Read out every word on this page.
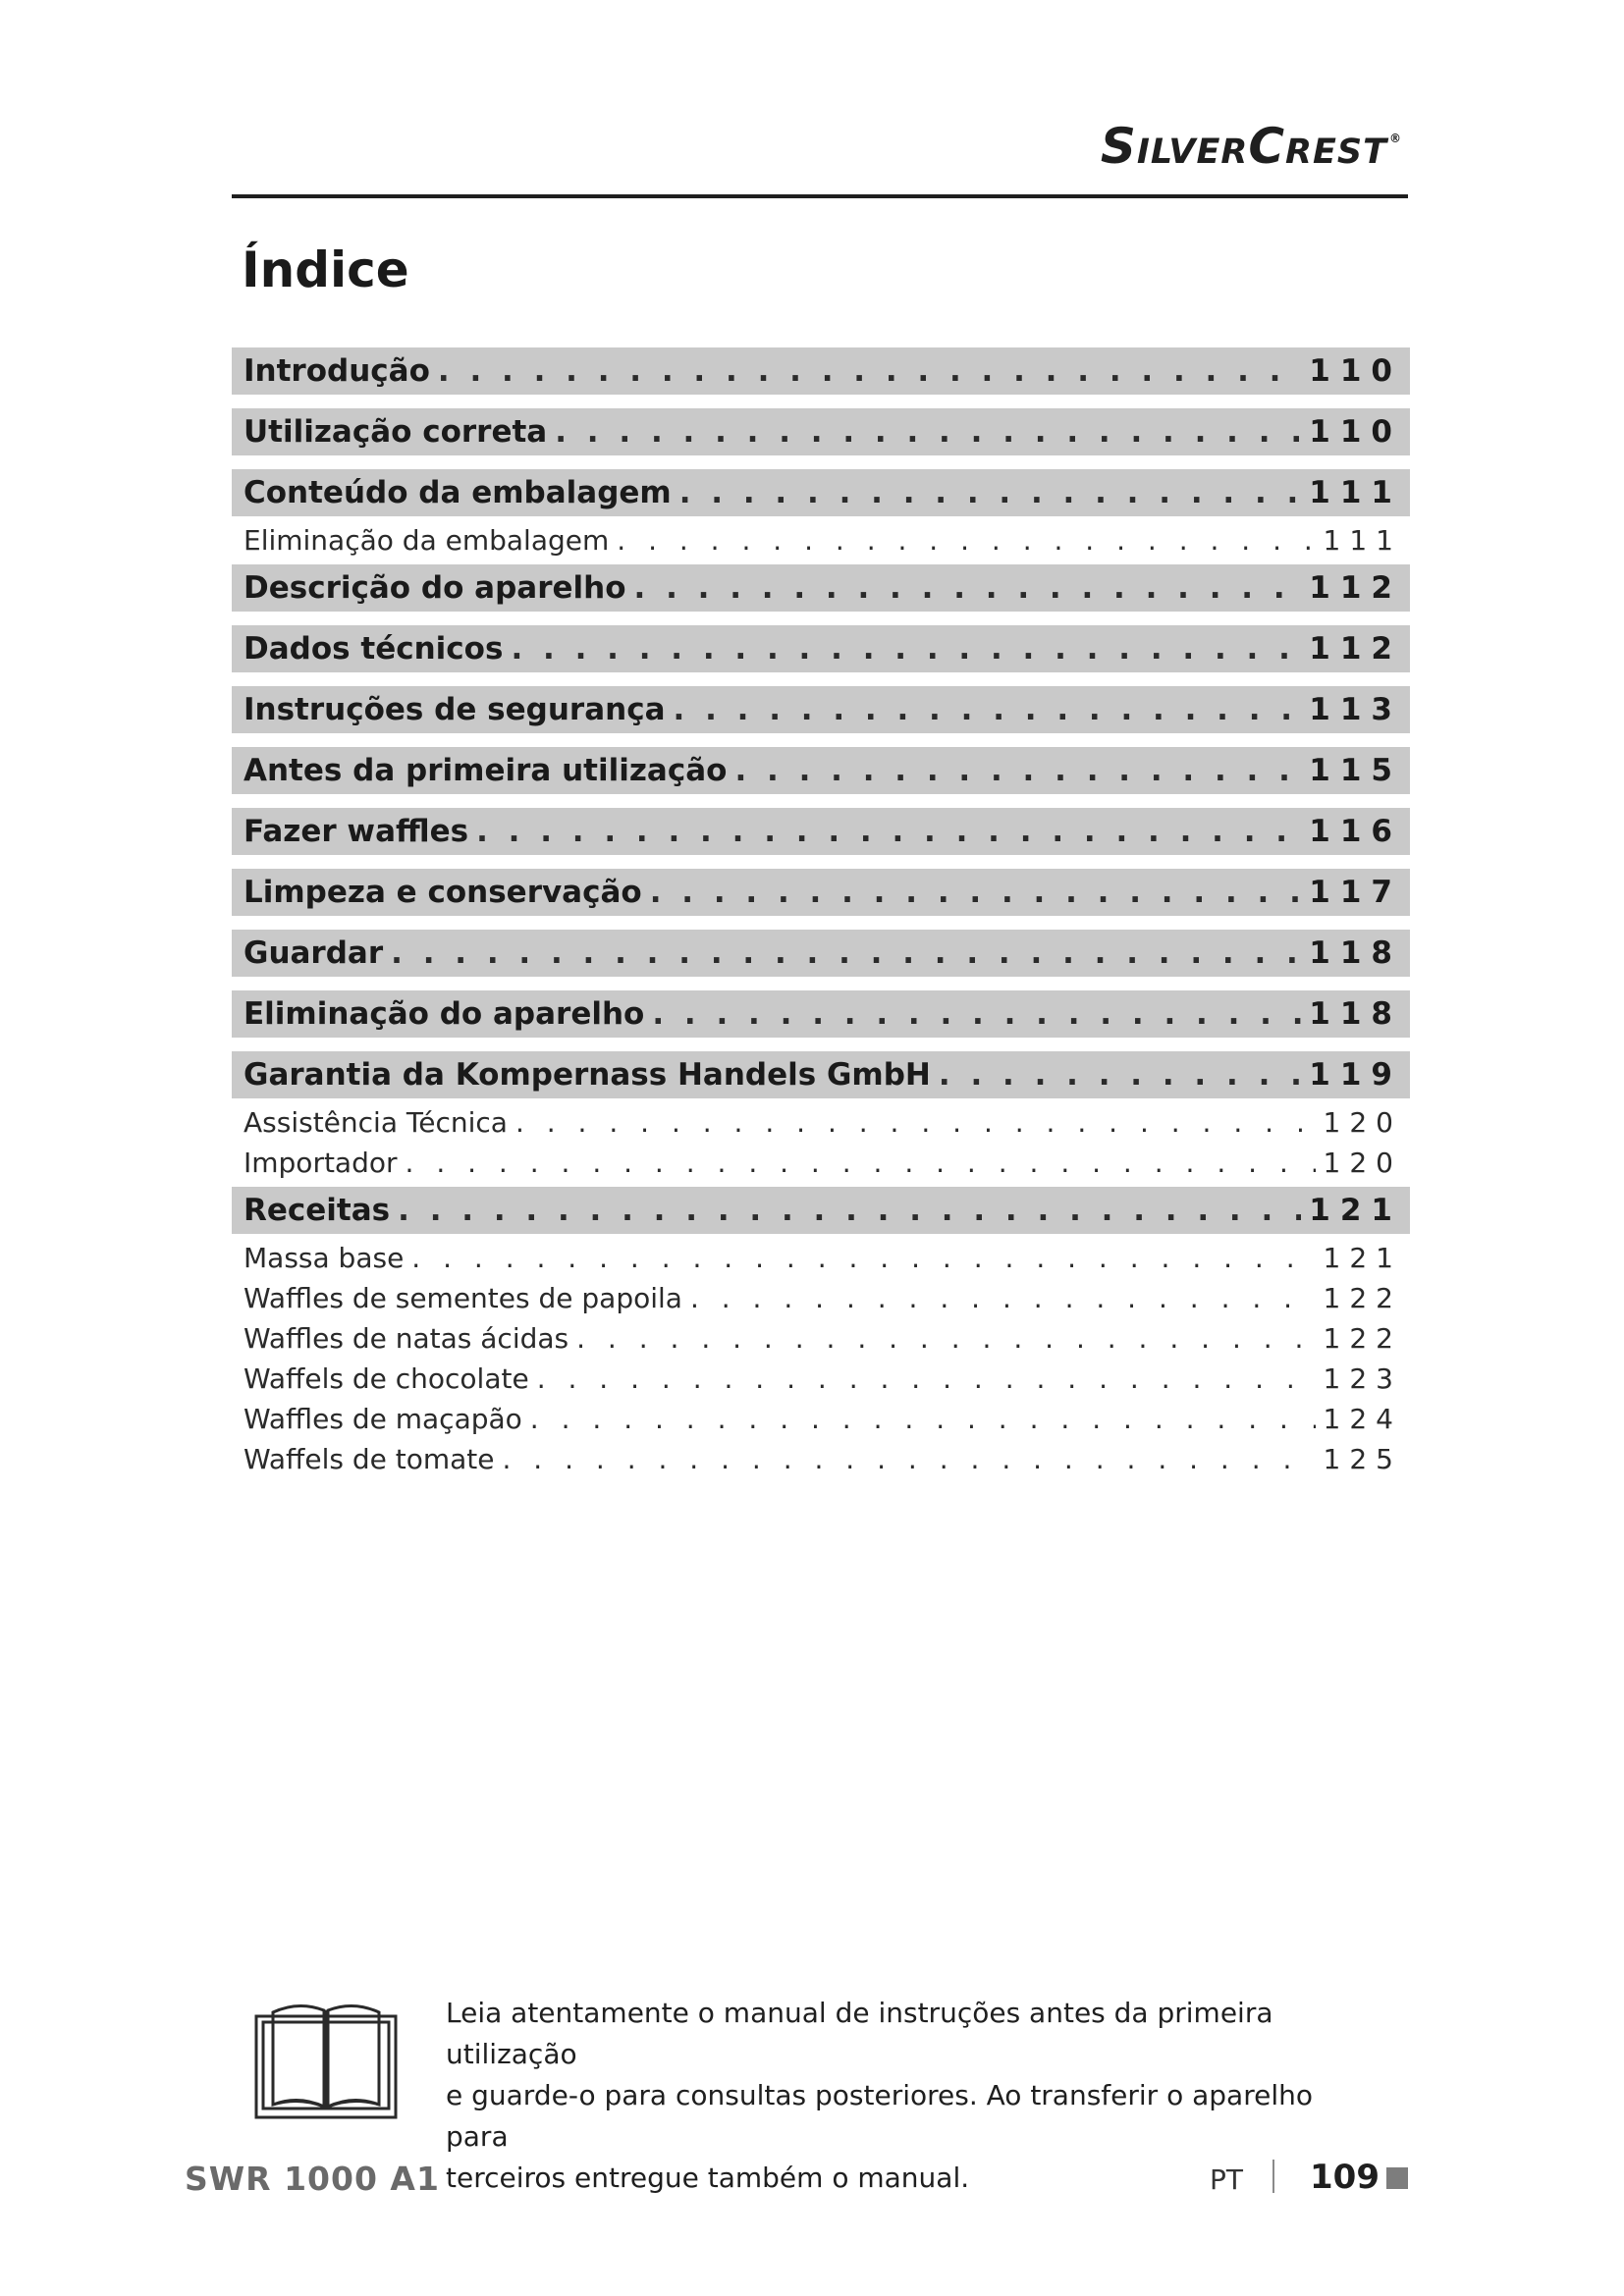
SilverCrest ®
Índice
Introdução . . .	110
Utilização correta . . .	110
Conteúdo da embalagem . . .	111
Eliminação da embalagem . . .	111
Descrição do aparelho . . .	112
Dados técnicos . . .	112
Instruções de segurança . . .	113
Antes da primeira utilização . . .	115
Fazer waffles . . .	116
Limpeza e conservação . . .	117
Guardar . . .	118
Eliminação do aparelho . . .	118
Garantia da Kompernass Handels GmbH . . .	119
Assistência Técnica . . .	120
Importador . . .	120
Receitas . . .	121
Massa base . . .	121
Waffles de sementes de papoila . . .	122
Waffles de natas ácidas . . .	122
Waffels de chocolate . . .	123
Waffles de maçapão . . .	124
Waffels de tomate . . .	125
Leia atentamente o manual de instruções antes da primeira utilização
e guarde-o para consultas posteriores. Ao transferir o aparelho para
terceiros entregue também o manual.
SWR 1000 A1	PT 109
